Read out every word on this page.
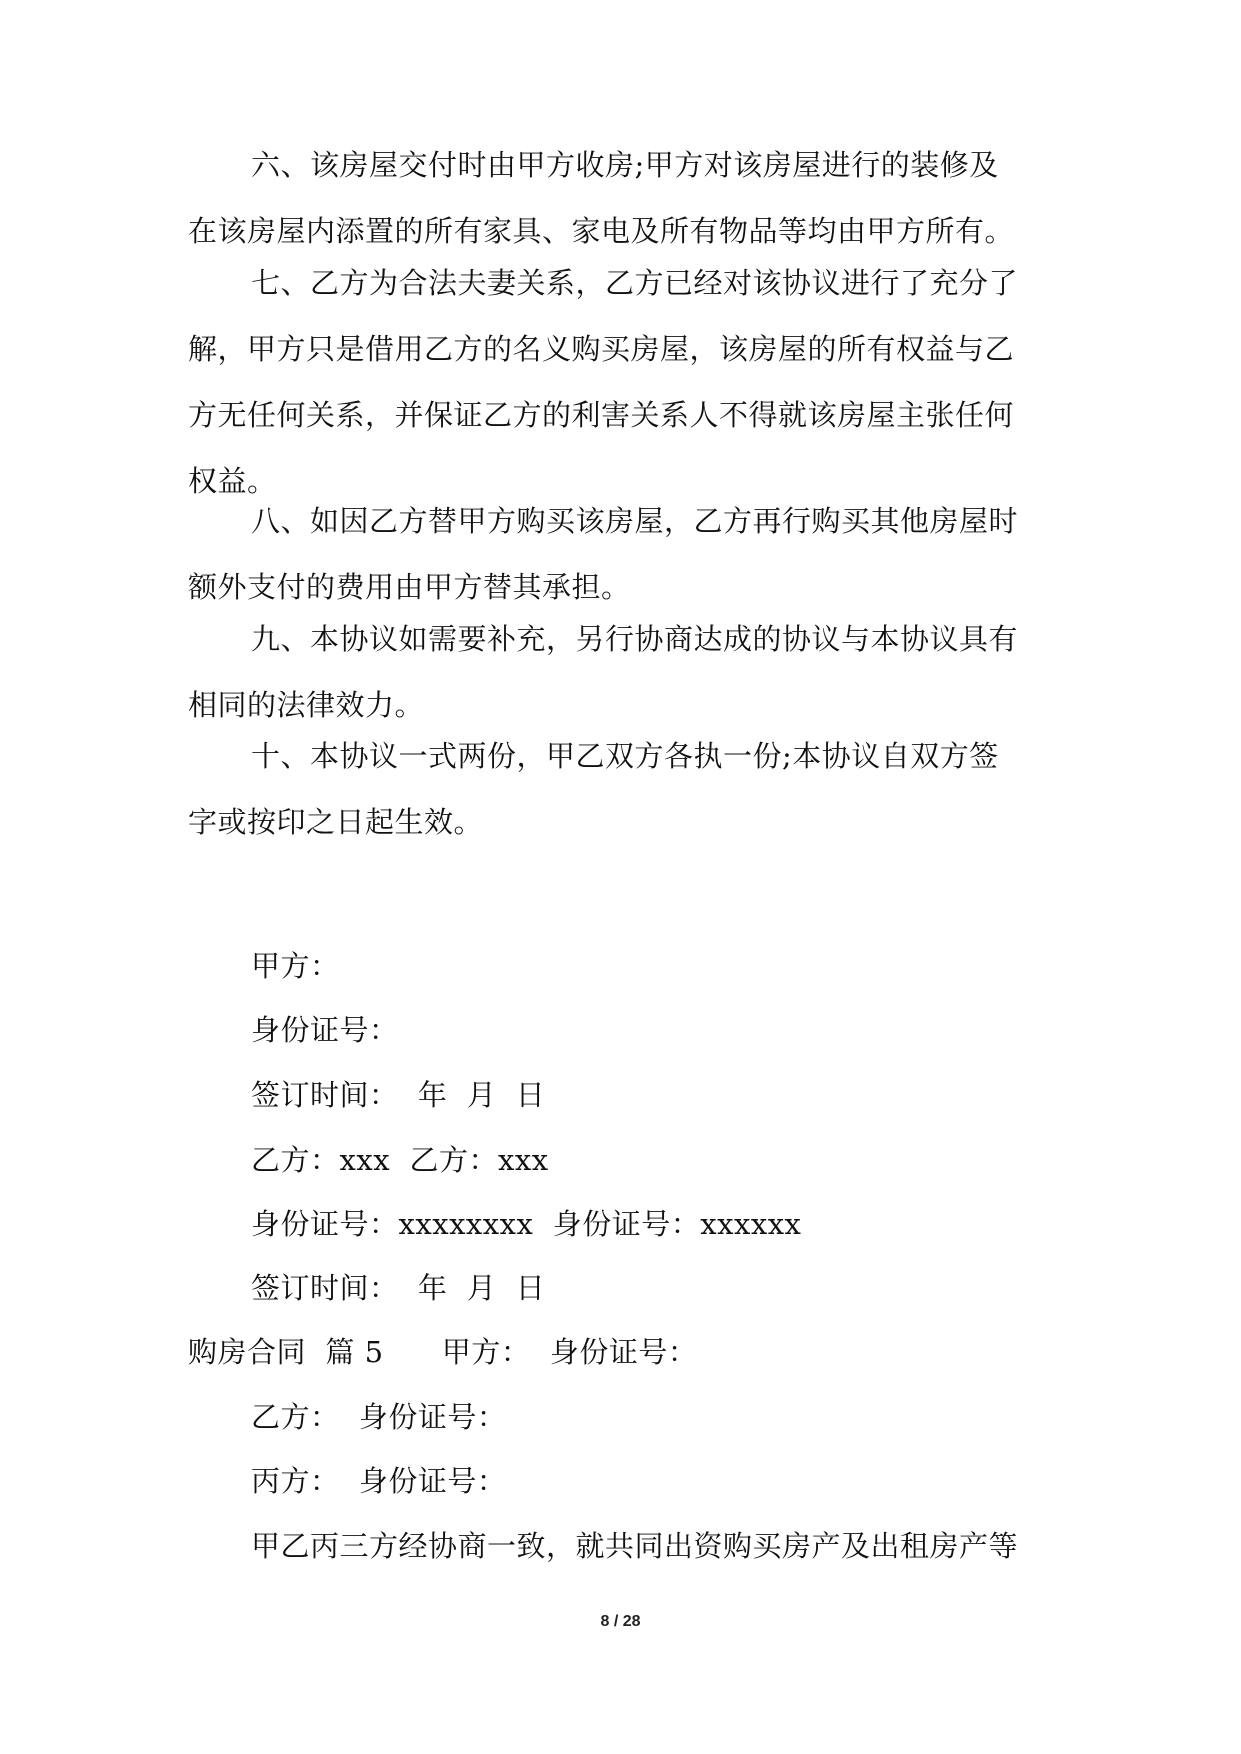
六、该房屋交付时由甲方收房;甲方对该房屋进行的装修及
在该房屋内添置的所有家具、家电及所有物品等均由甲方所有。
七、乙方为合法夫妻关系，乙方已经对该协议进行了充分了
解，甲方只是借用乙方的名义购买房屋，该房屋的所有权益与乙
方无任何关系，并保证乙方的利害关系人不得就该房屋主张任何
权益。
八、如因乙方替甲方购买该房屋，乙方再行购买其他房屋时
额外支付的费用由甲方替其承担。
九、本协议如需要补充，另行协商达成的协议与本协议具有
相同的法律效力。
十、本协议一式两份，甲乙双方各执一份;本协议自双方签
字或按印之日起生效。
甲方：
身份证号：
签订时间：  年  月  日
乙方：xxx  乙方：xxx
身份证号：xxxxxxxx  身份证号：xxxxxx
签订时间：  年  月  日
购房合同  篇 5      甲方：  身份证号：
乙方：  身份证号：
丙方：  身份证号：
甲乙丙三方经协商一致，就共同出资购买房产及出租房产等
8 / 28
